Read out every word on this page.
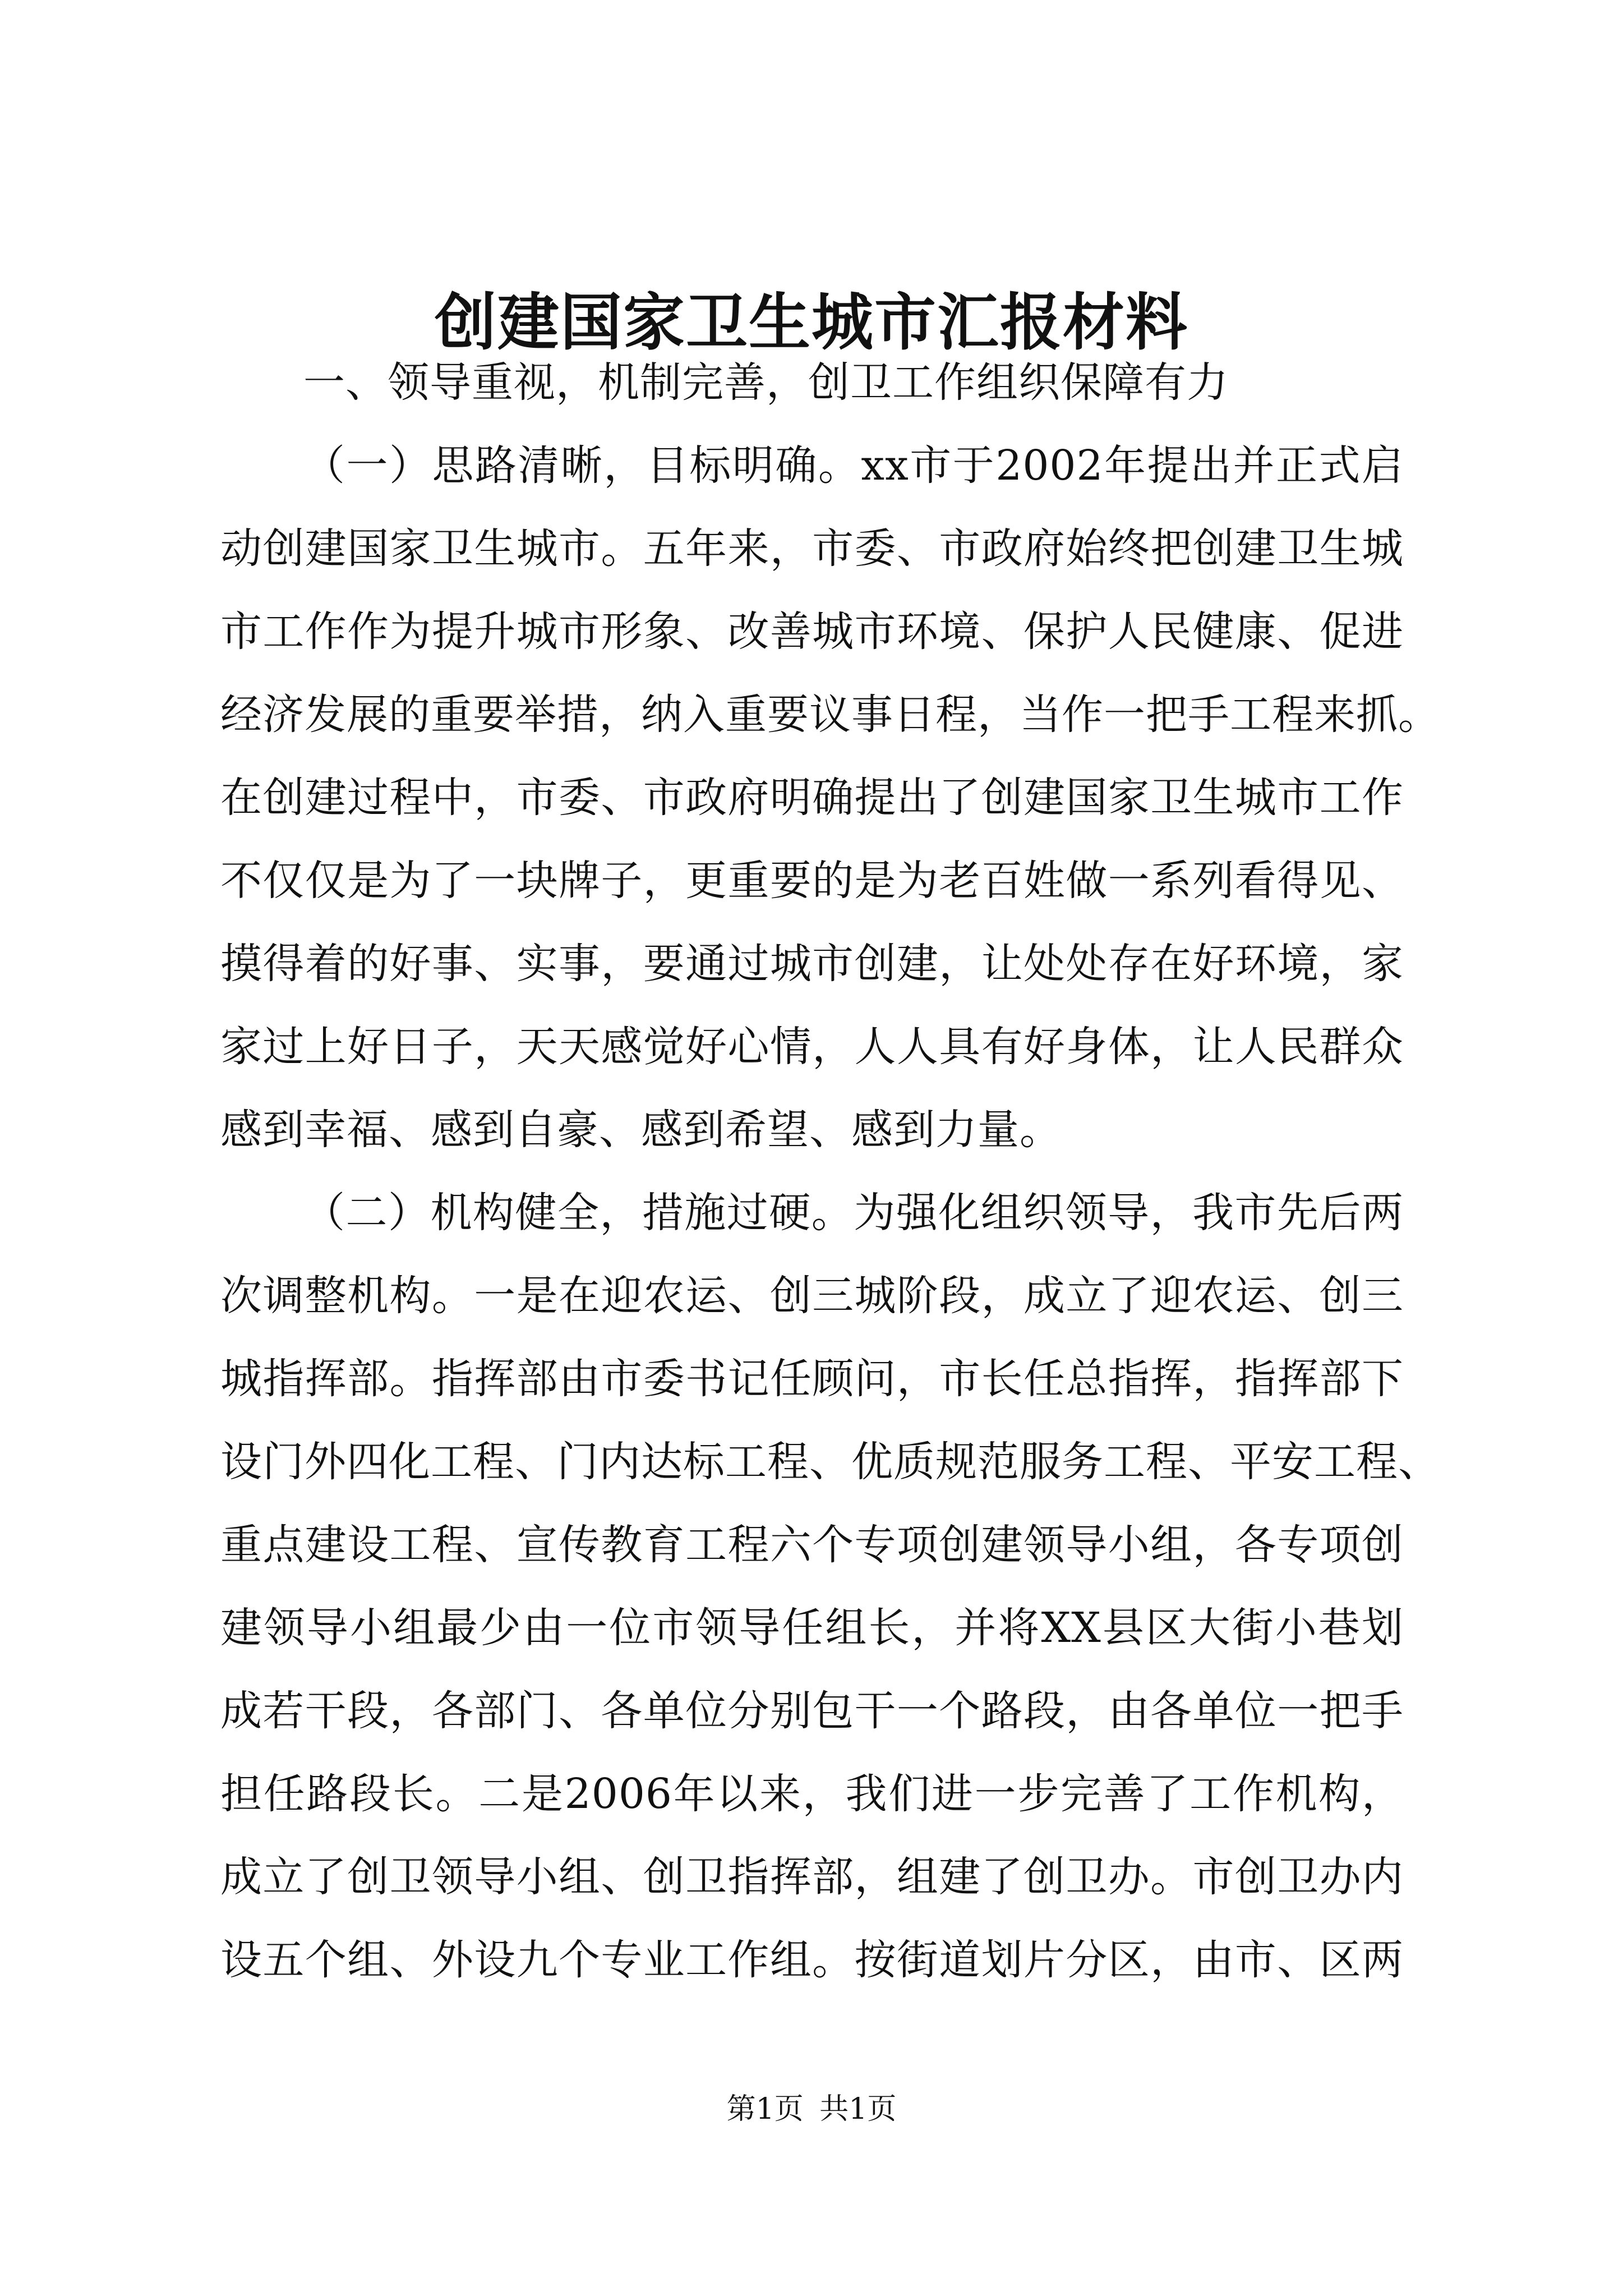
创建国家卫生城市汇报材料
一、领导重视，机制完善，创卫工作组织保障有力
（一）思路清晰，目标明确。xx市于2002年提出并正式启
动创建国家卫生城市。五年来，市委、市政府始终把创建卫生城
市工作作为提升城市形象、改善城市环境、保护人民健康、促进
经济发展的重要举措，纳入重要议事日程，当作一把手工程来抓。
在创建过程中，市委、市政府明确提出了创建国家卫生城市工作
不仅仅是为了一块牌子，更重要的是为老百姓做一系列看得见、
摸得着的好事、实事，要通过城市创建，让处处存在好环境，家
家过上好日子，天天感觉好心情，人人具有好身体，让人民群众
感到幸福、感到自豪、感到希望、感到力量。
（二）机构健全，措施过硬。为强化组织领导，我市先后两
次调整机构。一是在迎农运、创三城阶段，成立了迎农运、创三
城指挥部。指挥部由市委书记任顾问，市长任总指挥，指挥部下
设门外四化工程、门内达标工程、优质规范服务工程、平安工程、
重点建设工程、宣传教育工程六个专项创建领导小组，各专项创
建领导小组最少由一位市领导任组长，并将XX县区大街小巷划
成若干段，各部门、各单位分别包干一个路段，由各单位一把手
担任路段长。二是2006年以来，我们进一步完善了工作机构，
成立了创卫领导小组、创卫指挥部，组建了创卫办。市创卫办内
设五个组、外设九个专业工作组。按街道划片分区，由市、区两
第1页 共1页
